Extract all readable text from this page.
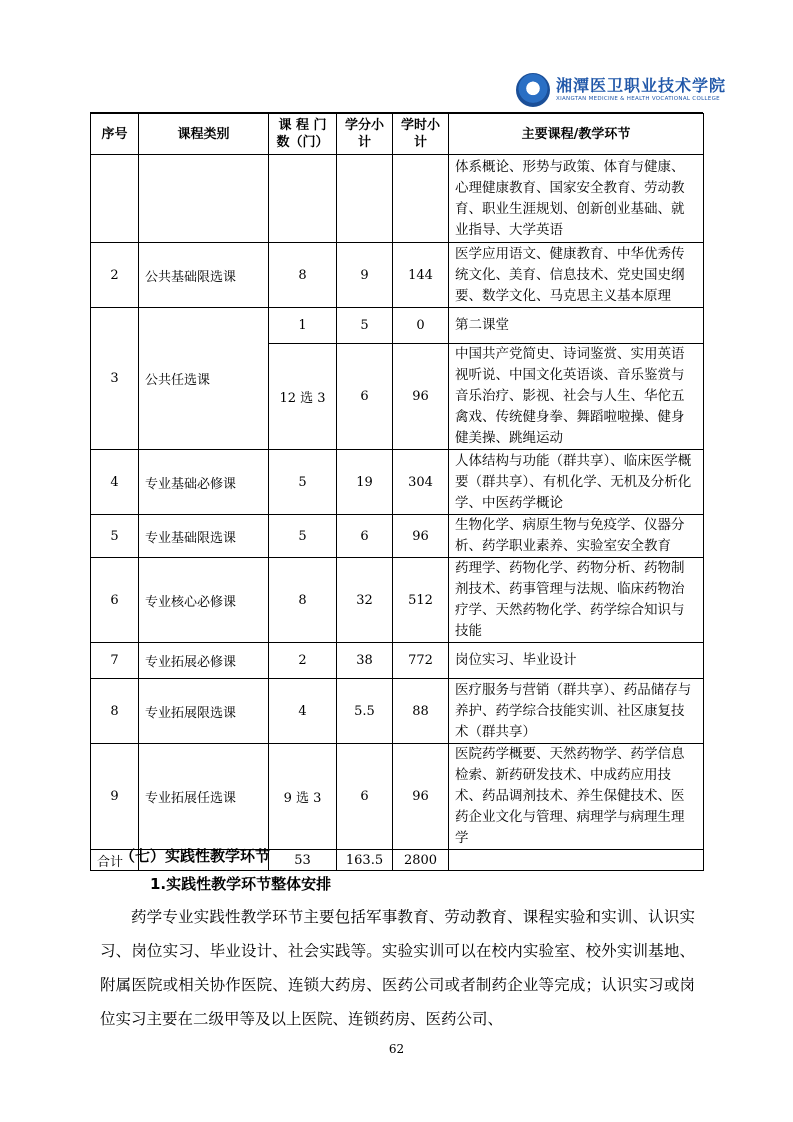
湘潭医卫职业技术学院
XIANGTAN MEDICINE & HEALTH VOCATIONAL COLLEGE
序号	课程类别	课 程 门 数（门）	学分小计	学时小计	主要课程/教学环节
					体系概论、形势与政策、体育与健康、心理健康教育、国家安全教育、劳动教育、职业生涯规划、创新创业基础、就业指导、大学英语
2	公共基础限选课	8	9	144	医学应用语文、健康教育、中华优秀传统文化、美育、信息技术、党史国史纲要、数学文化、马克思主义基本原理
3	公共任选课	1	5	0	第二课堂
		12 选 3	6	96	中国共产党简史、诗词鉴赏、实用英语视听说、中国文化英语谈、音乐鉴赏与音乐治疗、影视、社会与人生、华佗五禽戏、传统健身拳、舞蹈啦啦操、健身健美操、跳绳运动
4	专业基础必修课	5	19	304	人体结构与功能（群共享）、临床医学概要（群共享）、有机化学、无机及分析化学、中医药学概论
5	专业基础限选课	5	6	96	生物化学、病原生物与免疫学、仪器分析、药学职业素养、实验室安全教育
6	专业核心必修课	8	32	512	药理学、药物化学、药物分析、药物制剂技术、药事管理与法规、临床药物治疗学、天然药物化学、药学综合知识与技能
7	专业拓展必修课	2	38	772	岗位实习、毕业设计
8	专业拓展限选课	4	5.5	88	医疗服务与营销（群共享）、药品储存与养护、药学综合技能实训、社区康复技术（群共享）
9	专业拓展任选课	9 选 3	6	96	医院药学概要、天然药物学、药学信息检索、新药研发技术、中成药应用技术、药品调剂技术、养生保健技术、医药企业文化与管理、病理学与病理生理学
合计		53	163.5	2800	
（七）实践性教学环节
1.实践性教学环节整体安排
药学专业实践性教学环节主要包括军事教育、劳动教育、课程实验和实训、认识实习、岗位实习、毕业设计、社会实践等。实验实训可以在校内实验室、校外实训基地、附属医院或相关协作医院、连锁大药房、医药公司或者制药企业等完成；认识实习或岗位实习主要在二级甲等及以上医院、连锁药房、医药公司、
62
